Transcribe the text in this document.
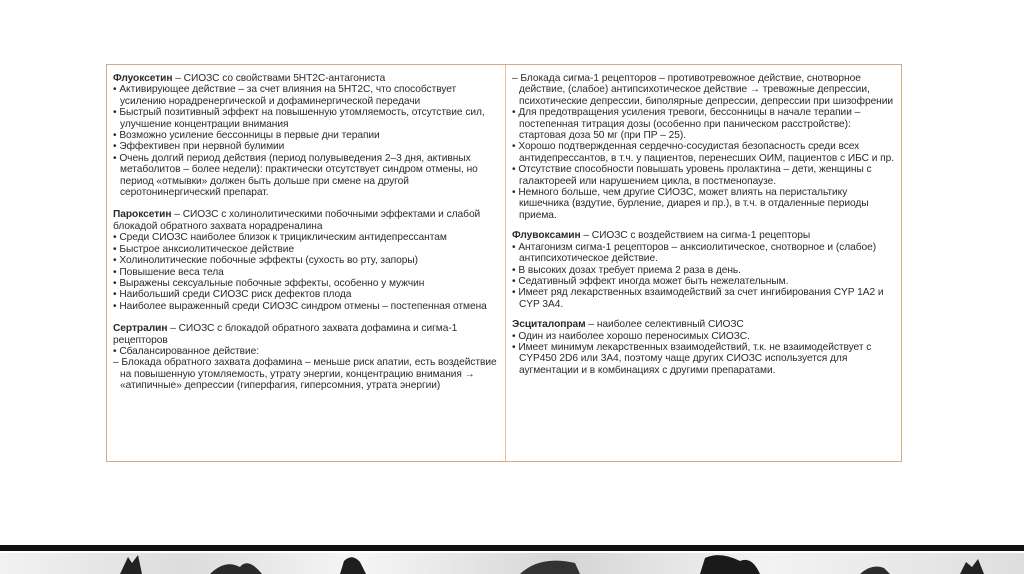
Флуоксетин – СИОЗС со свойствами 5НТ2С-антагониста

• Активирующее действие – за счет влияния на 5НТ2С, что способствует усилению норадренергической и дофаминергической передачи

• Быстрый позитивный эффект на повышенную утомляемость, отсутствие сил, улучшение концентрации внимания

• Возможно усиление бессонницы в первые дни терапии

• Эффективен при нервной булимии

• Очень долгий период действия (период полувыведения 2–3 дня, активных метаболитов – более недели): практически отсутствует синдром отмены, но период «отмывки» должен быть дольше при смене на другой серотонинергический препарат.

Пароксетин – СИОЗС с холинолитическими побочными эффектами и слабой блокадой обратного захвата норадреналина

• Среди СИОЗС наиболее близок к трициклическим антидепрессантам

• Быстрое анксиолитическое действие

• Холинолитические побочные эффекты (сухость во рту, запоры)

• Повышение веса тела

• Выражены сексуальные побочные эффекты, особенно у мужчин

• Наибольший среди СИОЗС риск дефектов плода

• Наиболее выраженный среди СИОЗС синдром отмены – постепенная отмена

Сертралин – СИОЗС с блокадой обратного захвата дофамина и сигма-1 рецепторов

• Сбалансированное действие:

– Блокада обратного захвата дофамина – меньше риск апатии, есть воздействие на повышенную утомляемость, утрату энергии, концентрацию внимания → «атипичные» депрессии (гиперфагия, гиперсомния, утрата энергии)

– Блокада сигма-1 рецепторов – противотревожное действие, снотворное действие, (слабое) антипсихотическое действие → тревожные депрессии, психотические депрессии, биполярные депрессии, депрессии при шизофрении

• Для предотвращения усиления тревоги, бессонницы в начале терапии – постепенная титрация дозы (особенно при паническом расстройстве): стартовая доза 50 мг (при ПР – 25).

• Хорошо подтвержденная сердечно-сосудистая безопасность среди всех антидепрессантов, в т.ч. у пациентов, перенесших ОИМ, пациентов с ИБС и пр.

• Отсутствие способности повышать уровень пролактина – дети, женщины с галактореей или нарушением цикла, в постменопаузе.

• Немного больше, чем другие СИОЗС, может влиять на перистальтику кишечника (вздутие, бурление, диарея и пр.), в т.ч. в отдаленные периоды приема.

Флувоксамин – СИОЗС с воздействием на сигма-1 рецепторы

• Антагонизм сигма-1 рецепторов – анксиолитическое, снотворное и (слабое) антипсихотическое действие.

• В высоких дозах требует приема 2 раза в день.

• Седативный эффект иногда может быть нежелательным.

• Имеет ряд лекарственных взаимодействий за счет ингибирования CYP 1A2 и CYP 3A4.

Эсциталопрам – наиболее селективный СИОЗС

• Один из наиболее хорошо переносимых СИОЗС.

• Имеет минимум лекарственных взаимодействий, т.к. не взаимодействует с CYP450 2D6 или 3A4, поэтому чаще других СИОЗС используется для аугментации и в комбинациях с другими препаратами.
